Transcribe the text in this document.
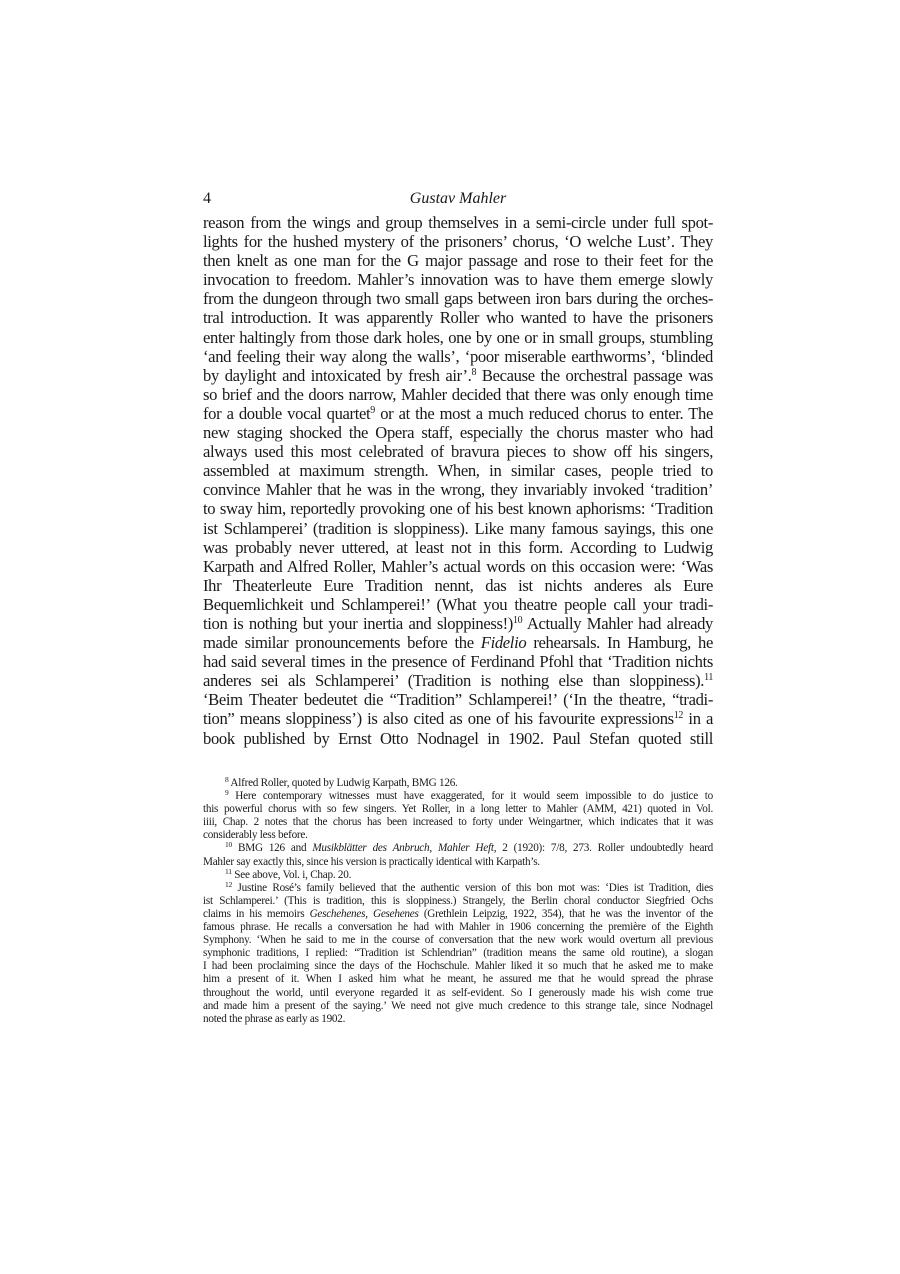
4	Gustav Mahler
reason from the wings and group themselves in a semi-circle under full spot-
lights for the hushed mystery of the prisoners’ chorus, ‘O welche Lust’. They
then knelt as one man for the G major passage and rose to their feet for the
invocation to freedom. Mahler’s innovation was to have them emerge slowly
from the dungeon through two small gaps between iron bars during the orches-
tral introduction. It was apparently Roller who wanted to have the prisoners
enter haltingly from those dark holes, one by one or in small groups, stumbling
‘and feeling their way along the walls’, ‘poor miserable earthworms’, ‘blinded
by daylight and intoxicated by fresh air’.$^8$ Because the orchestral passage was
so brief and the doors narrow, Mahler decided that there was only enough time
for a double vocal quartet$^9$ or at the most a much reduced chorus to enter. The
new staging shocked the Opera staff, especially the chorus master who had
always used this most celebrated of bravura pieces to show off his singers,
assembled at maximum strength. When, in similar cases, people tried to
convince Mahler that he was in the wrong, they invariably invoked ‘tradition’
to sway him, reportedly provoking one of his best known aphorisms: ‘Tradition
ist Schlamperei’ (tradition is sloppiness). Like many famous sayings, this one
was probably never uttered, at least not in this form. According to Ludwig
Karpath and Alfred Roller, Mahler’s actual words on this occasion were: ‘Was
Ihr Theaterleute Eure Tradition nennt, das ist nichts anderes als Eure
Bequemlichkeit und Schlamperei!’ (What you theatre people call your tradi-
tion is nothing but your inertia and sloppiness!)$^{10}$ Actually Mahler had already
made similar pronouncements before the Fidelio rehearsals. In Hamburg, he
had said several times in the presence of Ferdinand Pfohl that ‘Tradition nichts
anderes sei als Schlamperei’ (Tradition is nothing else than sloppiness).$^{11}$
‘Beim Theater bedeutet die “Tradition” Schlamperei!’ (‘In the theatre, “tradi-
tion” means sloppiness’) is also cited as one of his favourite expressions$^{12}$ in a
book published by Ernst Otto Nodnagel in 1902. Paul Stefan quoted still
$^8$ Alfred Roller, quoted by Ludwig Karpath, BMG 126.
$^9$ Here contemporary witnesses must have exaggerated, for it would seem impossible to do justice to
this powerful chorus with so few singers. Yet Roller, in a long letter to Mahler (AMM, 421) quoted in Vol.
iiii, Chap. 2 notes that the chorus has been increased to forty under Weingartner, which indicates that it was
considerably less before.
$^{10}$ BMG 126 and Musikblätter des Anbruch, Mahler Heft, 2 (1920): 7/8, 273. Roller undoubtedly heard
Mahler say exactly this, since his version is practically identical with Karpath’s.
$^{11}$ See above, Vol. i, Chap. 20.
$^{12}$ Justine Rosé’s family believed that the authentic version of this bon mot was: ‘Dies ist Tradition, dies
ist Schlamperei.’ (This is tradition, this is sloppiness.) Strangely, the Berlin choral conductor Siegfried Ochs
claims in his memoirs Geschehenes, Gesehenes (Grethlein Leipzig, 1922, 354), that he was the inventor of the
famous phrase. He recalls a conversation he had with Mahler in 1906 concerning the première of the Eighth
Symphony. ‘When he said to me in the course of conversation that the new work would overturn all previous
symphonic traditions, I replied: “Tradition ist Schlendrian” (tradition means the same old routine), a slogan
I had been proclaiming since the days of the Hochschule. Mahler liked it so much that he asked me to make
him a present of it. When I asked him what he meant, he assured me that he would spread the phrase
throughout the world, until everyone regarded it as self-evident. So I generously made his wish come true
and made him a present of the saying.’ We need not give much credence to this strange tale, since Nodnagel
noted the phrase as early as 1902.
